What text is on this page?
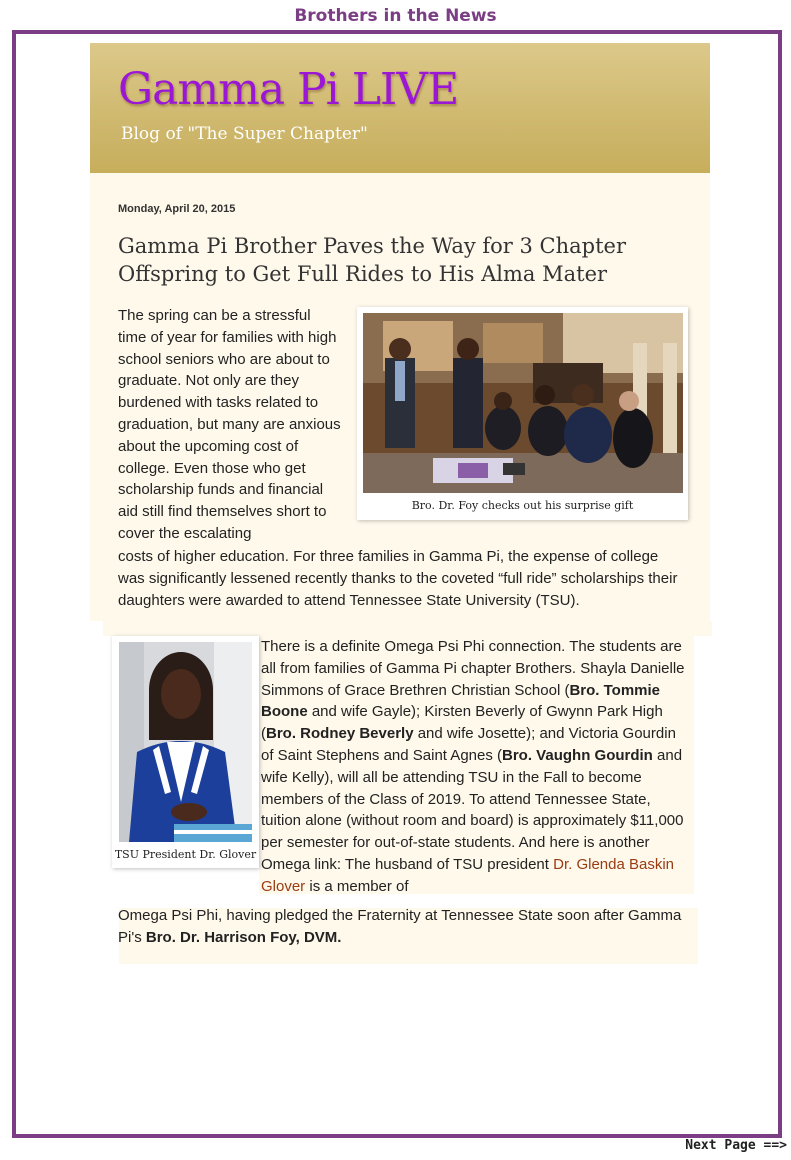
Brothers in the News
Gamma Pi LIVE
Blog of "The Super Chapter"
Monday, April 20, 2015
Gamma Pi Brother Paves the Way for 3 Chapter Offspring to Get Full Rides to His Alma Mater
The spring can be a stressful time of year for families with high school seniors who are about to graduate. Not only are they burdened with tasks related to graduation, but many are anxious about the upcoming cost of college. Even those who get scholarship funds and financial aid still find themselves short to cover the escalating
costs of higher education. For three families in Gamma Pi, the expense of college was significantly lessened recently thanks to the coveted “full ride” scholarships their daughters were awarded to attend Tennessee State University (TSU).
Bro. Dr. Foy checks out his surprise gift
TSU President Dr. Glover
There is a definite Omega Psi Phi connection. The students are all from families of Gamma Pi chapter Brothers. Shayla Danielle Simmons of Grace Brethren Christian School (Bro. Tommie Boone and wife Gayle); Kirsten Beverly of Gwynn Park High (Bro. Rodney Beverly and wife Josette); and Victoria Gourdin of Saint Stephens and Saint Agnes (Bro. Vaughn Gourdin and wife Kelly), will all be attending TSU in the Fall to become members of the Class of 2019. To attend Tennessee State, tuition alone (without room and board) is approximately $11,000 per semester for out-of-state students. And here is another Omega link: The husband of TSU president Dr. Glenda Baskin Glover is a member of
Omega Psi Phi, having pledged the Fraternity at Tennessee State soon after Gamma Pi's Bro. Dr. Harrison Foy, DVM.
Next Page ==>
